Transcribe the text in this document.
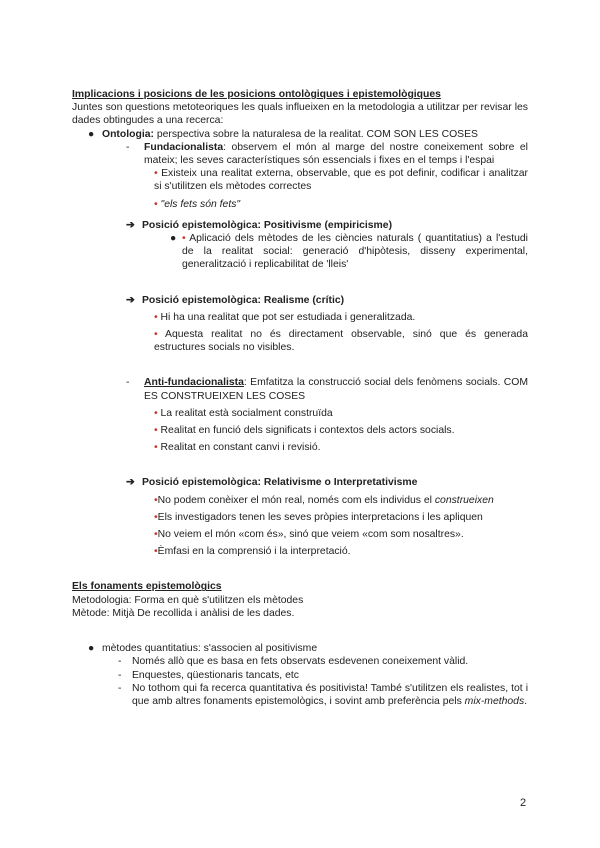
Implicacions i posicions de les posicions ontològiques i epistemològiques
Juntes son questions metoteoriques les quals influeixen en la metodologia a utilitzar per revisar les dades obtingudes a una recerca:
● Ontologia: perspectiva sobre la naturalesa de la realitat. COM SON LES COSES
-	Fundacionalista: observem el món al marge del nostre coneixement sobre el mateix; les seves característiques són essencials i fixes en el temps i l'espai
• Existeix una realitat externa, observable, que es pot definir, codificar i analitzar si s'utilitzen els mètodes correctes
• "els fets són fets"
➔ Posició epistemològica: Positivisme (empiricisme)
● • Aplicació dels mètodes de les ciències naturals ( quantitatius) a l'estudi de la realitat social: generació d'hipòtesis, disseny experimental, generalització i replicabilitat de 'lleis'
➔ Posició epistemològica: Realisme (crític)
• Hi ha una realitat que pot ser estudiada i generalitzada.
• Aquesta realitat no és directament observable, sinó que és generada estructures socials no visibles.
-	Anti-fundacionalista: Emfatitza la construcció social dels fenòmens socials. COM ES CONSTRUEIXEN LES COSES
• La realitat està socialment construïda
• Realitat en funció dels significats i contextos dels actors socials.
• Realitat en constant canvi i revisió.
➔ Posició epistemològica: Relativisme o Interpretativisme
•No podem conèixer el món real, només com els individus el construeixen
•Els investigadors tenen les seves pròpies interpretacions i les apliquen
•No veiem el món «com és», sinó que veiem «com som nosaltres».
•Èmfasi en la comprensió i la interpretació.
Els fonaments epistemològics
Metodologia: Forma en què s'utilitzen els mètodes
Mètode: Mitjà De recollida i anàlisi de les dades.
● mètodes quantitatius: s'associen al positivisme
-	Només allò que es basa en fets observats esdevenen coneixement vàlid.
-	Enquestes, qüestionaris tancats, etc
-	No tothom qui fa recerca quantitativa és positivista! També s'utilitzen els realistes, tot i que amb altres fonaments epistemològics, i sovint amb preferència pels mix-methods.
2
